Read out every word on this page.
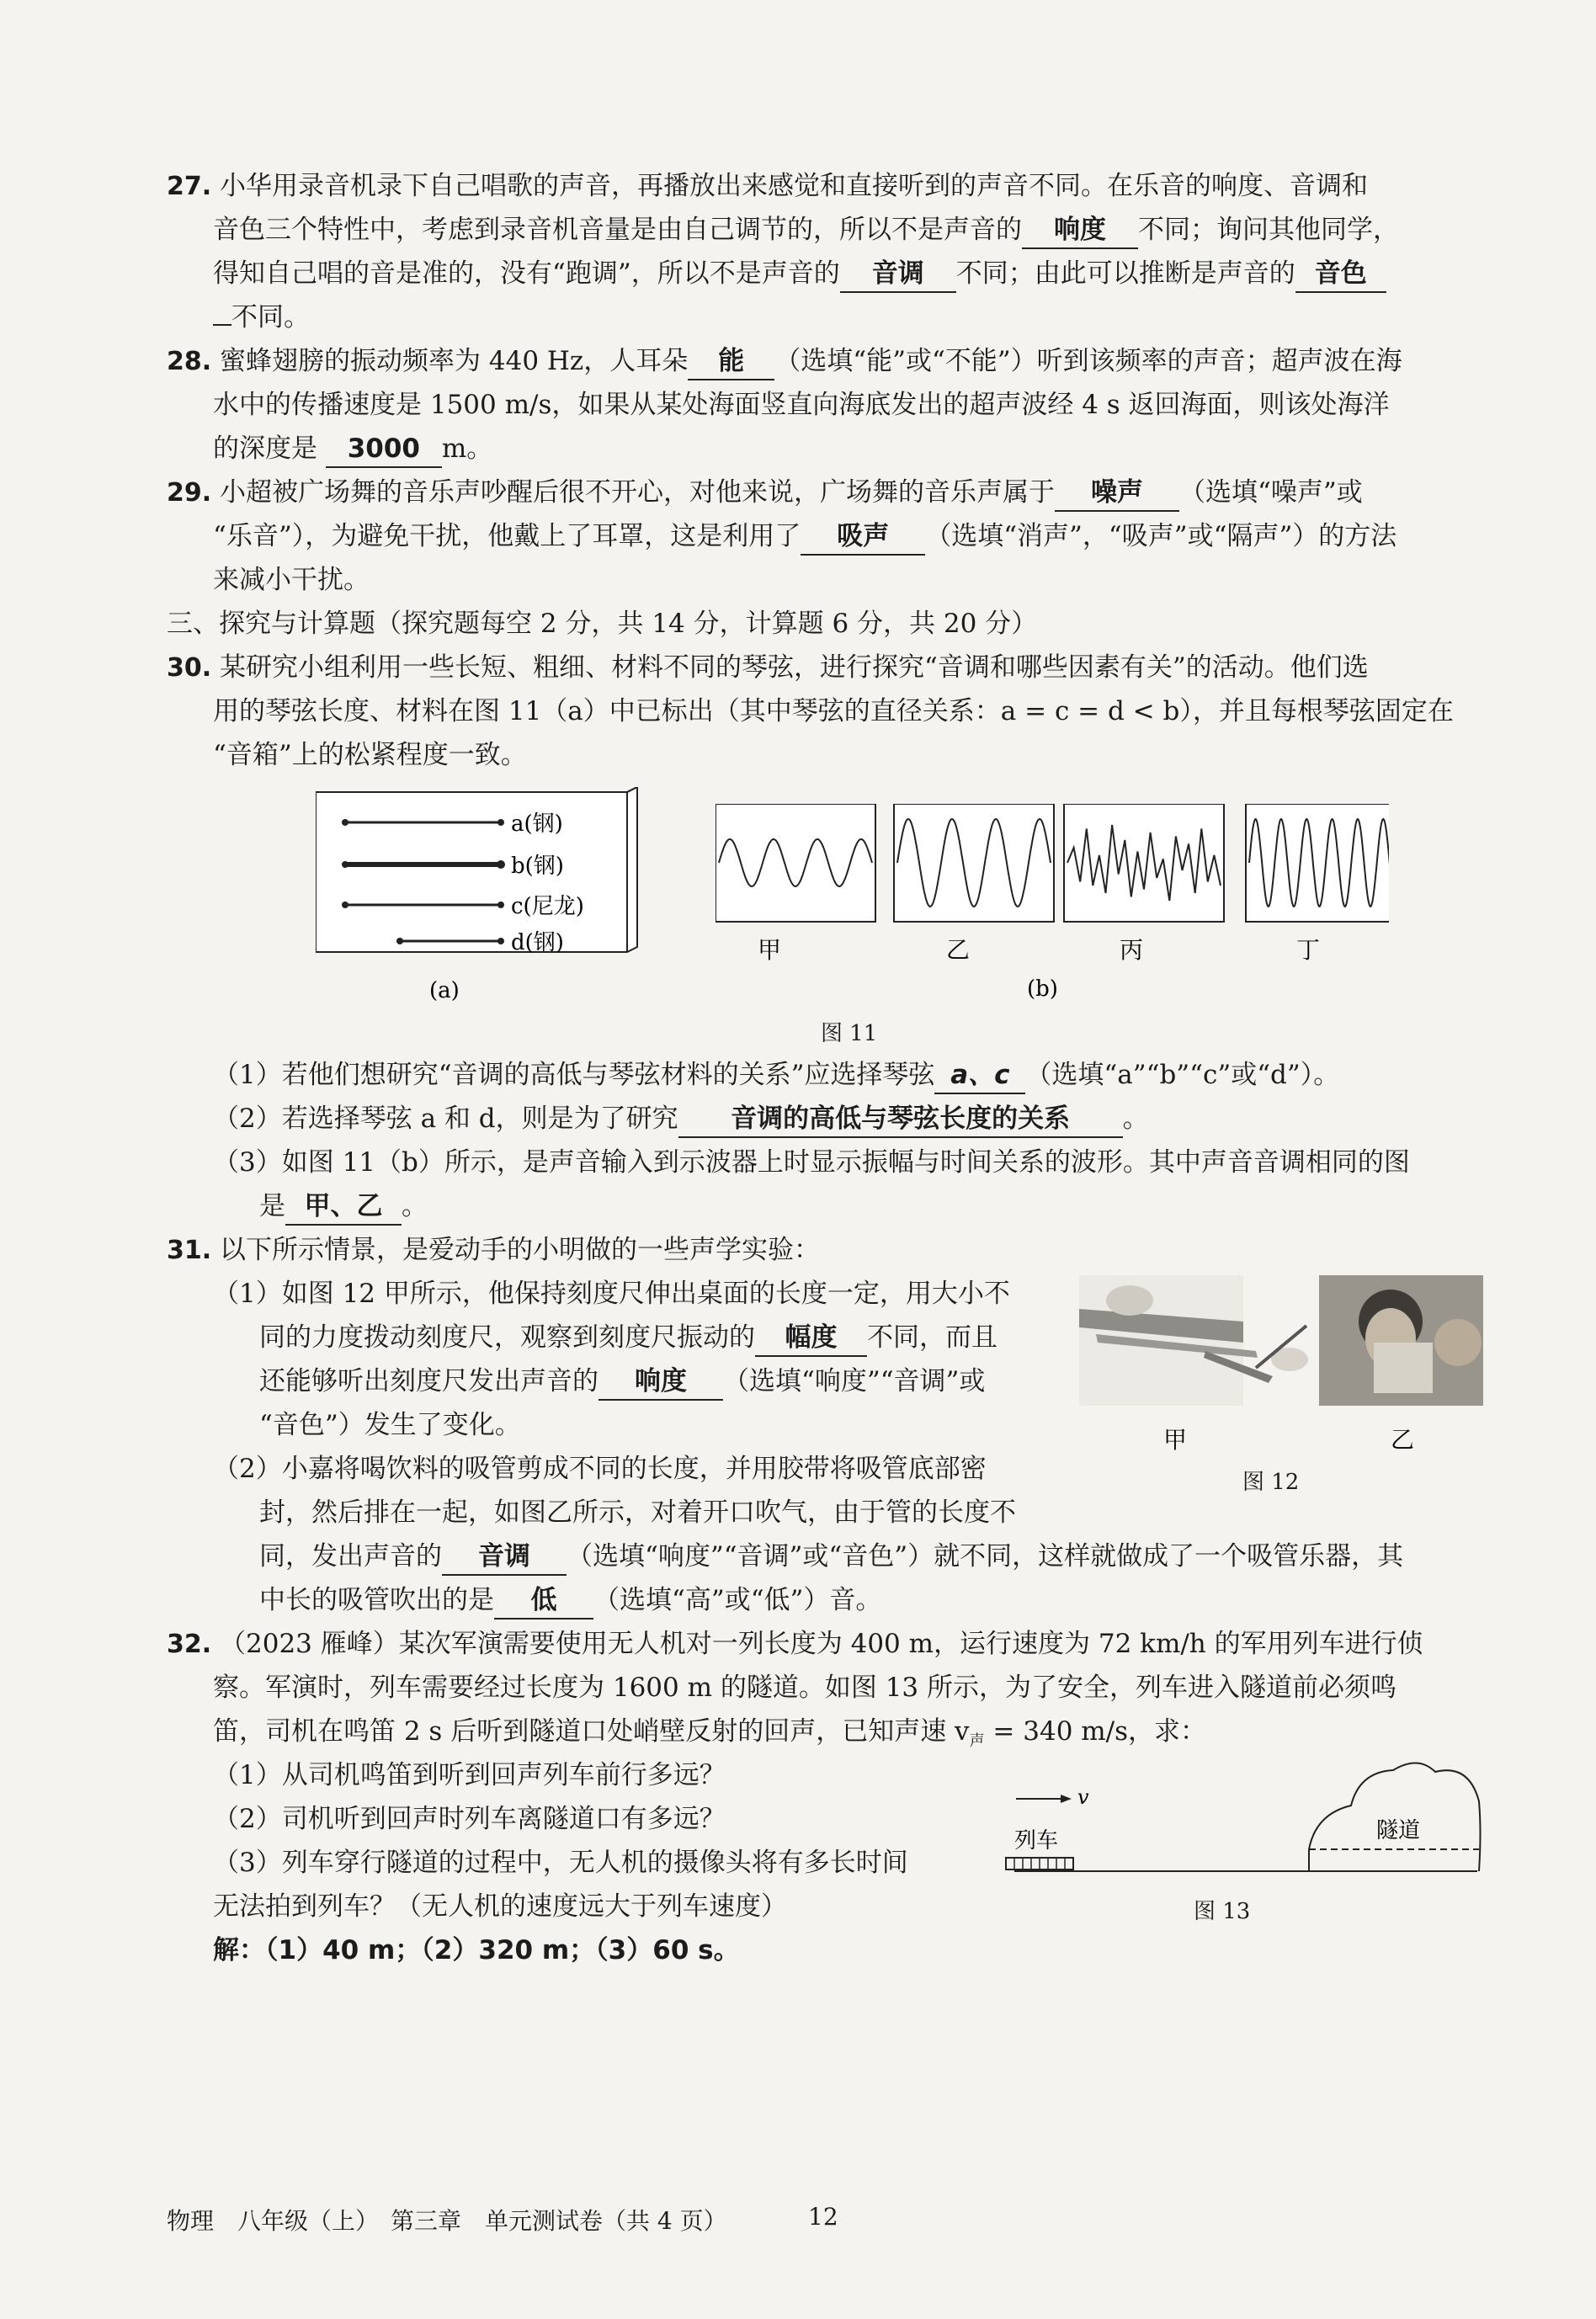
27. 小华用录音机录下自己唱歌的声音，再播放出来感觉和直接听到的声音不同。在乐音的响度、音调和
音色三个特性中，考虑到录音机音量是由自己调节的，所以不是声音的 响度 不同；询问其他同学，
得知自己唱的音是准的，没有“跑调”，所以不是声音的 音调 不同；由此可以推断是声音的 音色
不同。
28. 蜜蜂翅膀的振动频率为 440 Hz，人耳朵 能 （选填“能”或“不能”）听到该频率的声音；超声波在海
水中的传播速度是 1500 m/s，如果从某处海面竖直向海底发出的超声波经 4 s 返回海面，则该处海洋
的深度是 3000 m。
29. 小超被广场舞的音乐声吵醒后很不开心，对他来说，广场舞的音乐声属于 噪声 （选填“噪声”或
“乐音”），为避免干扰，他戴上了耳罩，这是利用了 吸声 （选填“消声”，“吸声”或“隔声”）的方法
来减小干扰。
三、探究与计算题（探究题每空 2 分，共 14 分，计算题 6 分，共 20 分）
30. 某研究小组利用一些长短、粗细、材料不同的琴弦，进行探究“音调和哪些因素有关”的活动。他们选
用的琴弦长度、材料在图 11（a）中已标出（其中琴弦的直径关系：a = c = d < b），并且每根琴弦固定在
“音箱”上的松紧程度一致。
a(钢)
b(钢)
c(尼龙)
d(钢)
(a)
甲	乙	丙	丁
(b)
图 11
（1）若他们想研究“音调的高低与琴弦材料的关系”应选择琴弦 a、c （选填“a”“b”“c”或“d”）。
（2）若选择琴弦 a 和 d，则是为了研究 音调的高低与琴弦长度的关系 。
（3）如图 11（b）所示，是声音输入到示波器上时显示振幅与时间关系的波形。其中声音音调相同的图
是 甲、乙 。
31. 以下所示情景，是爱动手的小明做的一些声学实验：
（1）如图 12 甲所示，他保持刻度尺伸出桌面的长度一定，用大小不
同的力度拨动刻度尺，观察到刻度尺振动的 幅度 不同，而且
还能够听出刻度尺发出声音的 响度 （选填“响度”“音调”或
“音色”）发生了变化。
（2）小嘉将喝饮料的吸管剪成不同的长度，并用胶带将吸管底部密
封，然后排在一起，如图乙所示，对着开口吹气，由于管的长度不
同，发出声音的 音调 （选填“响度”“音调”或“音色”）就不同，这样就做成了一个吸管乐器，其
中长的吸管吹出的是 低 （选填“高”或“低”）音。
甲	乙
图 12
32. （2023 雁峰）某次军演需要使用无人机对一列长度为 400 m，运行速度为 72 km/h 的军用列车进行侦
察。军演时，列车需要经过长度为 1600 m 的隧道。如图 13 所示，为了安全，列车进入隧道前必须鸣
笛，司机在鸣笛 2 s 后听到隧道口处峭壁反射的回声，已知声速 $v_声 = 340$ m/s，求：
（1）从司机鸣笛到听到回声列车前行多远？
（2）司机听到回声时列车离隧道口有多远？
（3）列车穿行隧道的过程中，无人机的摄像头将有多长时间
无法拍到列车？（无人机的速度远大于列车速度）
解：（1）40 m；（2）320 m；（3）60 s。
列车
v
隧道
图 13
物理　八年级（上）　第三章　单元测试卷（共 4 页）	12
